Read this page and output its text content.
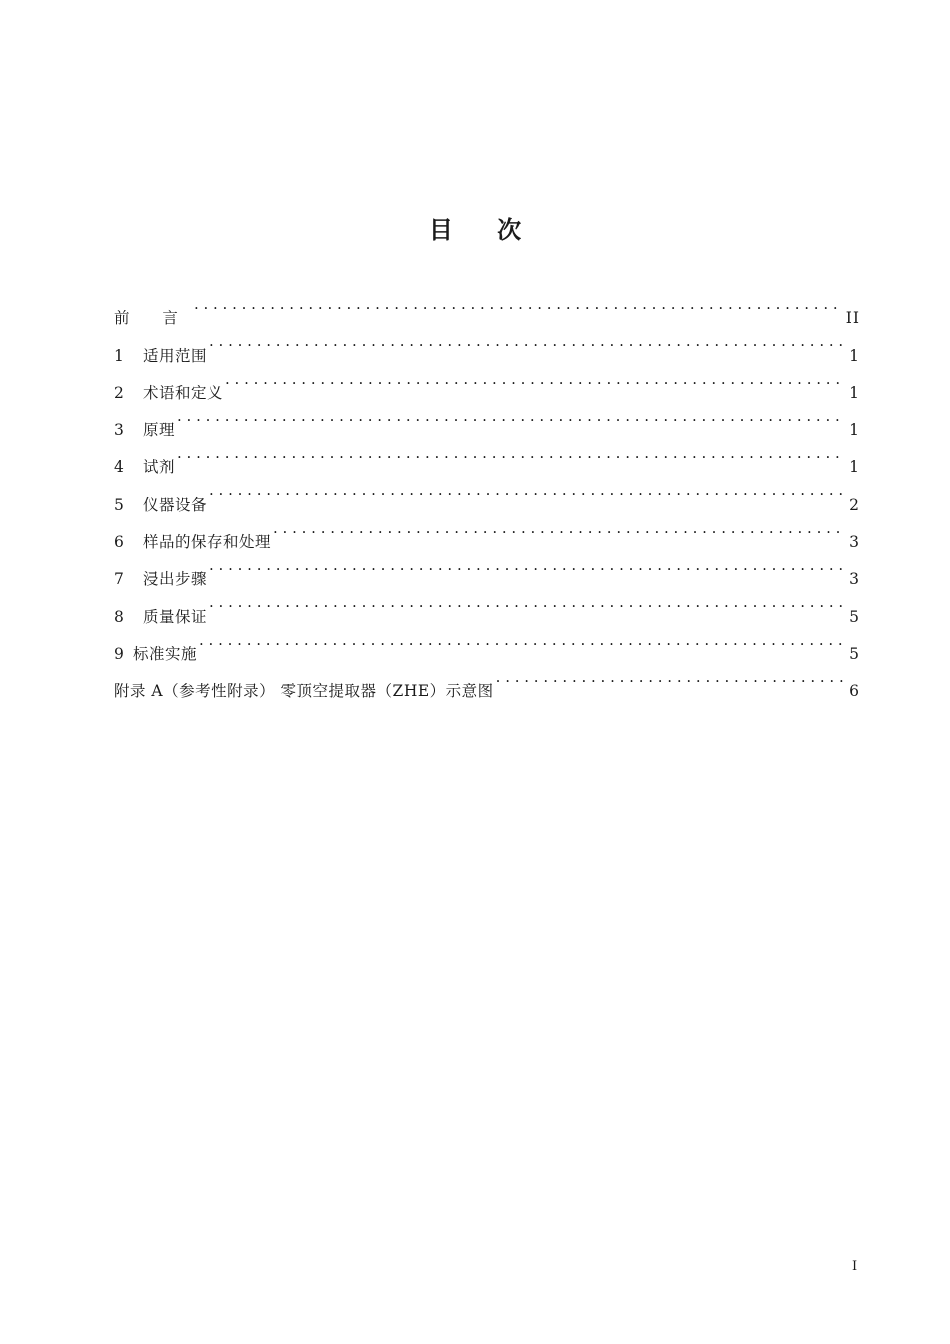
目 次
前 言 . . .	II
1	适用范围 . . .	1
2	术语和定义 . . .	1
3	原理 . . .	1
4	试剂 . . .	1
5	仪器设备 . . .	2
6	样品的保存和处理 . . .	3
7	浸出步骤 . . .	3
8	质量保证 . . .	5
9 标准实施 . . .	5
附录 A（参考性附录） 零顶空提取器（ZHE）示意图 . . .	6
I
